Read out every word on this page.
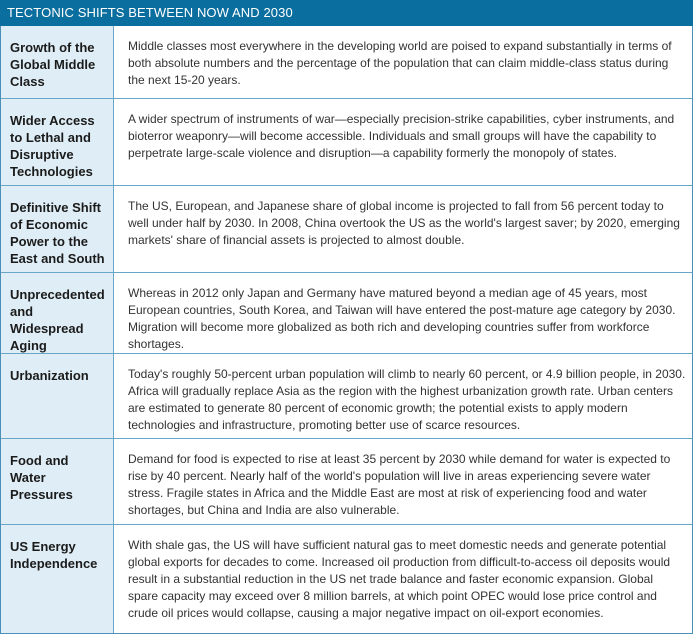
TECTONIC SHIFTS BETWEEN NOW AND 2030
Growth of the Global Middle Class
Middle classes most everywhere in the developing world are poised to expand substantially in terms of both absolute numbers and the percentage of the population that can claim middle-class status during the next 15-20 years.
Wider Access to Lethal and Disruptive Technologies
A wider spectrum of instruments of war—especially precision-strike capabilities, cyber instruments, and bioterror weaponry—will become accessible. Individuals and small groups will have the capability to perpetrate large-scale violence and disruption—a capability formerly the monopoly of states.
Definitive Shift of Economic Power to the East and South
The US, European, and Japanese share of global income is projected to fall from 56 percent today to well under half by 2030. In 2008, China overtook the US as the world's largest saver; by 2020, emerging markets' share of financial assets is projected to almost double.
Unprecedented and Widespread Aging
Whereas in 2012 only Japan and Germany have matured beyond a median age of 45 years, most European countries, South Korea, and Taiwan will have entered the post-mature age category by 2030. Migration will become more globalized as both rich and developing countries suffer from workforce shortages.
Urbanization	Today's roughly 50-percent urban population will climb to nearly 60 percent, or 4.9 billion people, in 2030. Africa will gradually replace Asia as the region with the highest urbanization growth rate. Urban centers are estimated to generate 80 percent of economic growth; the potential exists to apply modern technologies and infrastructure, promoting better use of scarce resources.
Food and Water Pressures
Demand for food is expected to rise at least 35 percent by 2030 while demand for water is expected to rise by 40 percent. Nearly half of the world's population will live in areas experiencing severe water stress. Fragile states in Africa and the Middle East are most at risk of experiencing food and water shortages, but China and India are also vulnerable.
US Energy Independence
With shale gas, the US will have sufficient natural gas to meet domestic needs and generate potential global exports for decades to come. Increased oil production from difficult-to-access oil deposits would result in a substantial reduction in the US net trade balance and faster economic expansion. Global spare capacity may exceed over 8 million barrels, at which point OPEC would lose price control and crude oil prices would collapse, causing a major negative impact on oil-export economies.
